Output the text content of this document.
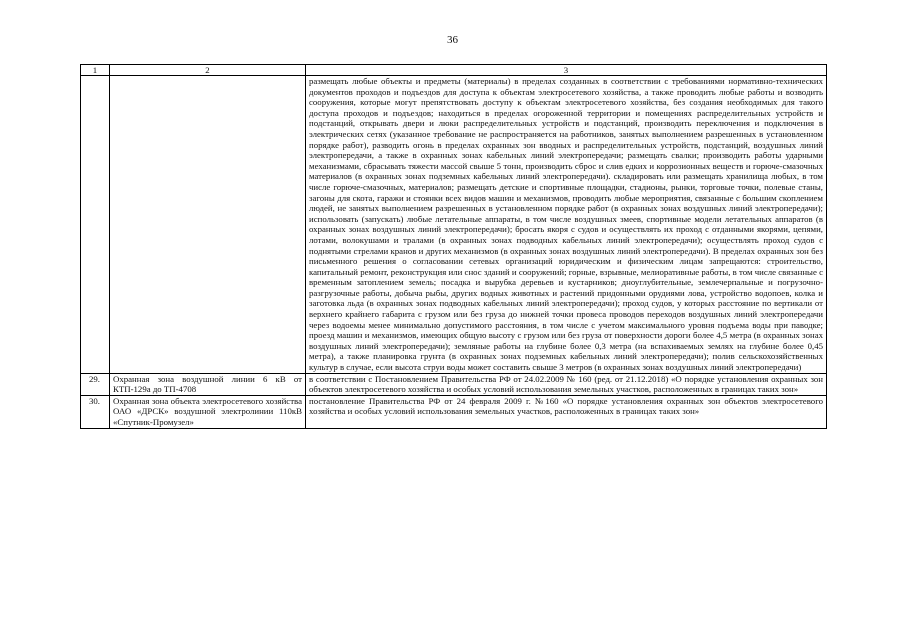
36
1	2	3
		размещать любые объекты и предметы (материалы) в пределах созданных в соответствии с требованиями нормативно-технических документов проходов и подъездов для доступа к объектам электросетевого хозяйства, а также проводить любые работы и возводить сооружения, которые могут препятствовать доступу к объектам электросетевого хозяйства, без создания необходимых для такого доступа проходов и подъездов; находиться в пределах огороженной территории и помещениях распределительных устройств и подстанций, открывать двери и люки распределительных устройств и подстанций, производить переключения и подключения в электрических сетях (указанное требование не распространяется на работников, занятых выполнением разрешенных в установленном порядке работ), разводить огонь в пределах охранных зон вводных и распределительных устройств, подстанций, воздушных линий электропередачи, а также в охранных зонах кабельных линий электропередачи; размещать свалки; производить работы ударными механизмами, сбрасывать тяжести массой свыше 5 тонн, производить сброс и слив едких и коррозионных веществ и горюче-смазочных материалов (в охранных зонах подземных кабельных линий электропередачи). складировать или размещать хранилища любых, в том числе горюче-смазочных, материалов; размещать детские и спортивные площадки, стадионы, рынки, торговые точки, полевые станы, загоны для скота, гаражи и стоянки всех видов машин и механизмов, проводить любые мероприятия, связанные с большим скоплением людей, не занятых выполнением разрешенных в установленном порядке работ (в охранных зонах воздушных линий электропередачи); использовать (запускать) любые летательные аппараты, в том числе воздушных змеев, спортивные модели летательных аппаратов (в охранных зонах воздушных линий электропередачи); бросать якоря с судов и осуществлять их проход с отданными якорями, цепями, лотами, волокушами и тралами (в охранных зонах подводных кабельных линий электропередачи); осуществлять проход судов с поднятыми стрелами кранов и других механизмов (в охранных зонах воздушных линий электропередачи). В пределах охранных зон без письменного решения о согласовании сетевых организаций юридическим и физическим лицам запрещаются: строительство, капитальный ремонт, реконструкция или снос зданий и сооружений; горные, взрывные, мелиоративные работы, в том числе связанные с временным затоплением земель; посадка и вырубка деревьев и кустарников; дноуглубительные, землечерпальные и погрузочно-разгрузочные работы, добыча рыбы, других водных животных и растений придонными орудиями лова, устройство водопоев, колка и заготовка льда (в охранных зонах подводных кабельных линий электропередачи); проход судов, у которых расстояние по вертикали от верхнего крайнего габарита с грузом или без груза до нижней точки провеса проводов переходов воздушных линий электропередачи через водоемы менее минимально допустимого расстояния, в том числе с учетом максимального уровня подъема воды при паводке; проезд машин и механизмов, имеющих общую высоту с грузом или без груза от поверхности дороги более 4,5 метра (в охранных зонах воздушных линий электропередачи); земляные работы на глубине более 0,3 метра (на вспахиваемых землях на глубине более 0,45 метра), а также планировка грунта (в охранных зонах подземных кабельных линий электропередачи); полив сельскохозяйственных культур в случае, если высота струи воды может составить свыше 3 метров (в охранных зонах воздушных линий электропередачи)
29.	Охранная зона воздушной линии 6 кВ от КТП-129а до ТП-4708	в соответствии с Постановлением Правительства РФ от 24.02.2009 № 160 (ред. от 21.12.2018) «О порядке установления охранных зон объектов электросетевого хозяйства и особых условий использования земельных участков, расположенных в границах таких зон»
30.	Охранная зона объекта электросетевого хозяйства ОАО «ДРСК» воздушной электролинии 110кВ «Спутник-Промузел»	постановление Правительства РФ от 24 февраля 2009 г. №160 «О порядке установления охранных зон объектов электросетевого хозяйства и особых условий использования земельных участков, расположенных в границах таких зон»
